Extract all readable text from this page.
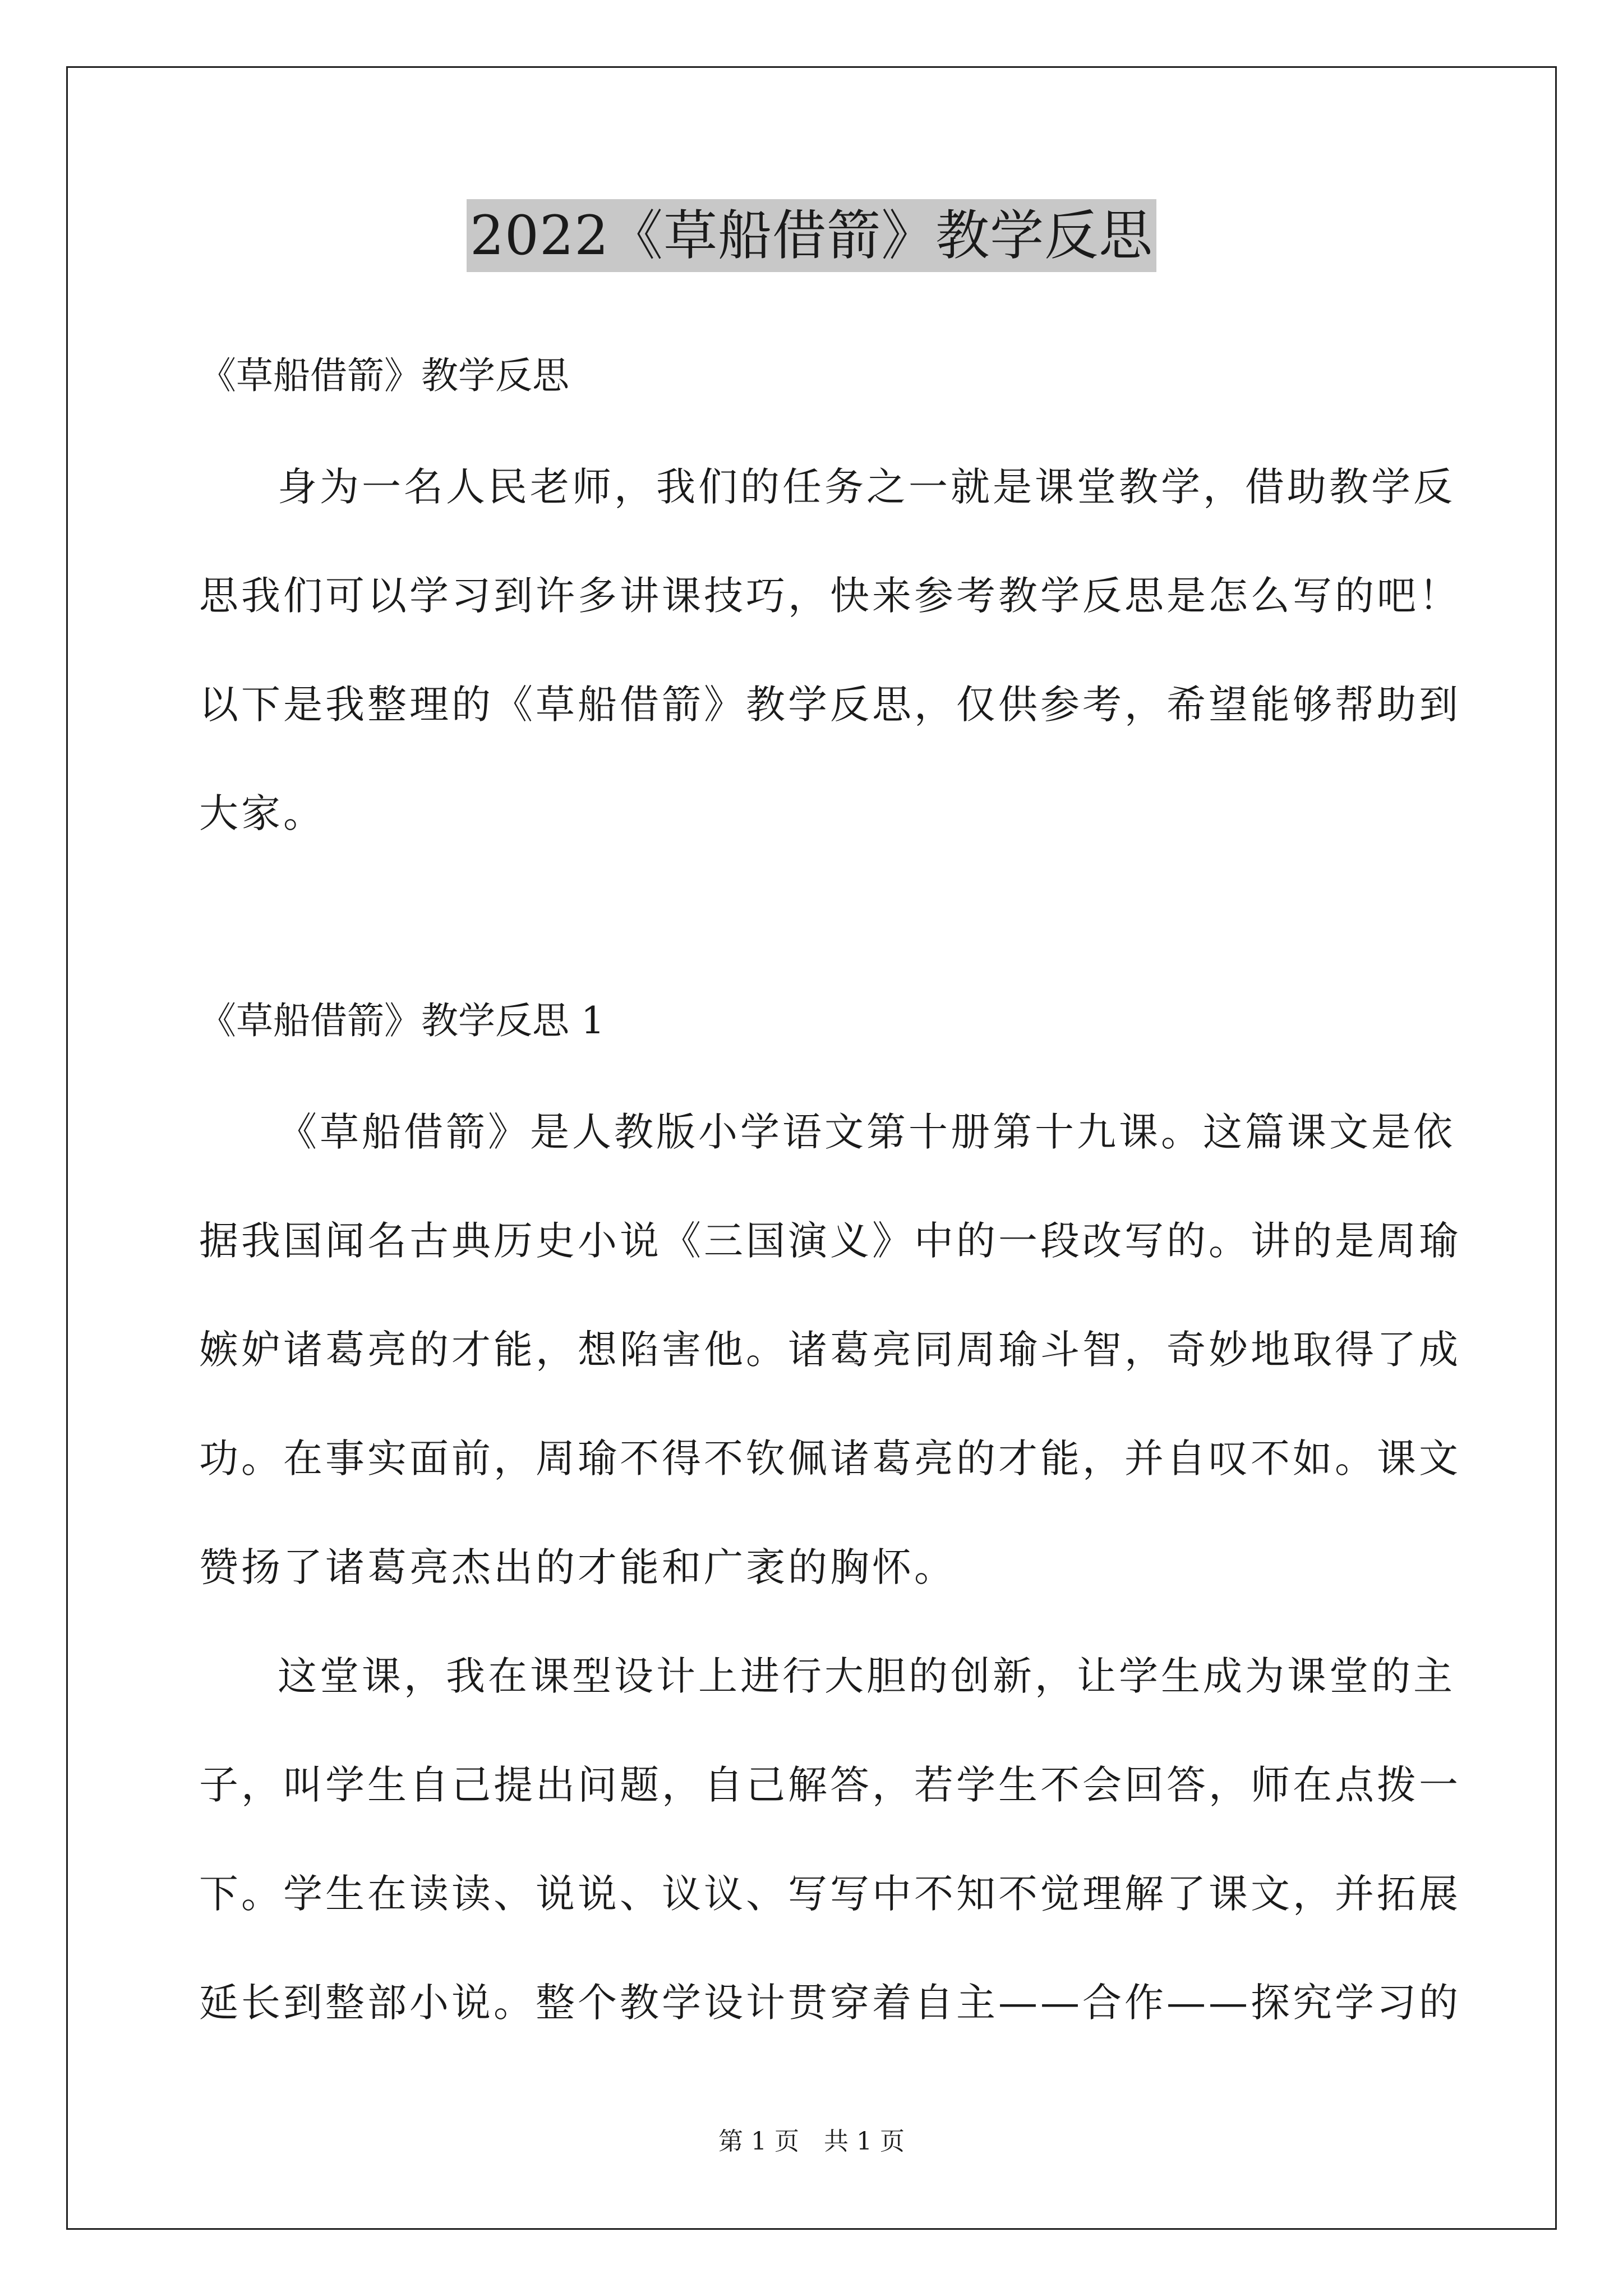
2022《草船借箭》教学反思
《草船借箭》教学反思
身为一名人民老师，我们的任务之一就是课堂教学，借助教学反
思我们可以学习到许多讲课技巧，快来参考教学反思是怎么写的吧！
以下是我整理的《草船借箭》教学反思，仅供参考，希望能够帮助到
大家。
《草船借箭》教学反思 1
《草船借箭》是人教版小学语文第十册第十九课。这篇课文是依
据我国闻名古典历史小说《三国演义》中的一段改写的。讲的是周瑜
嫉妒诸葛亮的才能，想陷害他。诸葛亮同周瑜斗智，奇妙地取得了成
功。在事实面前，周瑜不得不钦佩诸葛亮的才能，并自叹不如。课文
赞扬了诸葛亮杰出的才能和广袤的胸怀。
这堂课，我在课型设计上进行大胆的创新，让学生成为课堂的主
子，叫学生自己提出问题，自己解答，若学生不会回答，师在点拨一
下。学生在读读、说说、议议、写写中不知不觉理解了课文，并拓展
延长到整部小说。整个教学设计贯穿着自主——合作——探究学习的
第 1 页　共 1 页
